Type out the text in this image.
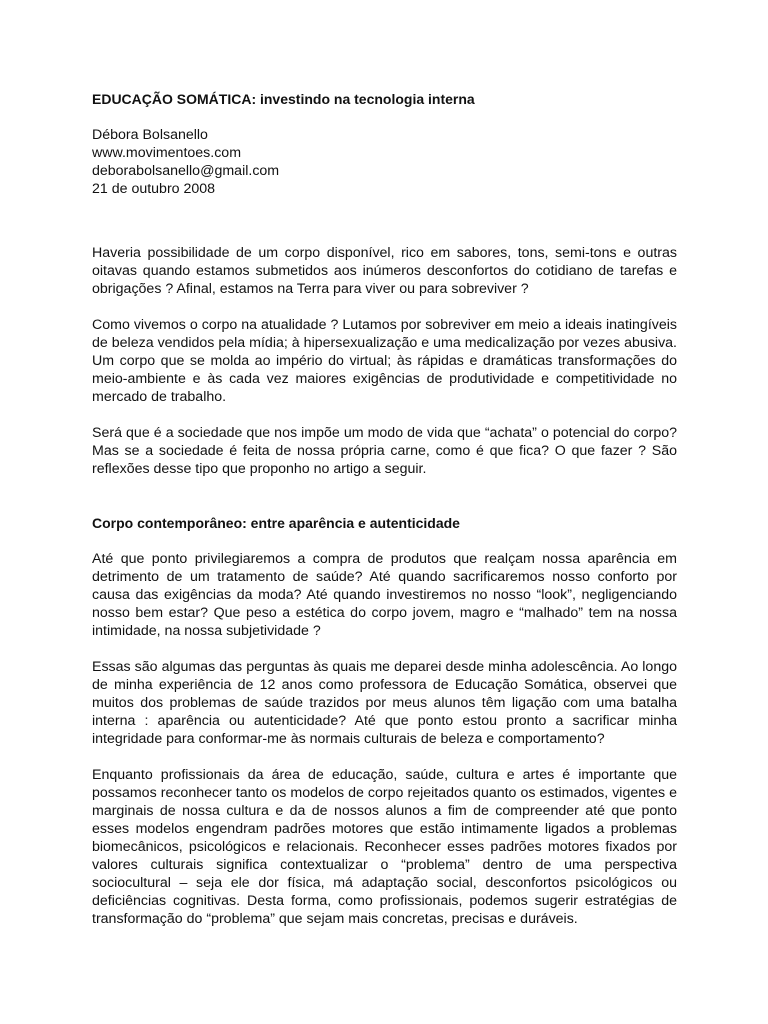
EDUCAÇÃO SOMÁTICA: investindo na tecnologia interna
Débora Bolsanello
www.movimentoes.com
deborabolsanello@gmail.com
21 de outubro 2008

Haveria possibilidade de um corpo disponível, rico em sabores, tons, semi-tons e outras oitavas quando estamos submetidos aos inúmeros desconfortos do cotidiano de tarefas e obrigações ? Afinal, estamos na Terra para viver ou para sobreviver ?

Como vivemos o corpo na atualidade ? Lutamos por sobreviver em meio a ideais inatingíveis de beleza vendidos pela mídia; à hipersexualização e uma medicalização por vezes abusiva. Um corpo que se molda ao império do virtual; às rápidas e dramáticas transformações do meio-ambiente e às cada vez maiores exigências de produtividade e competitividade no mercado de trabalho.

Será que é a sociedade que nos impõe um modo de vida que “achata” o potencial do corpo? Mas se a sociedade é feita de nossa própria carne, como é que fica? O que fazer ? São reflexões desse tipo que proponho no artigo a seguir.

Corpo contemporâneo: entre aparência e autenticidade

Até que ponto privilegiaremos a compra de produtos que realçam nossa aparência em detrimento de um tratamento de saúde? Até quando sacrificaremos nosso conforto por causa das exigências da moda? Até quando investiremos no nosso “look”, negligenciando nosso bem estar? Que peso a estética do corpo jovem, magro e “malhado” tem na nossa intimidade, na nossa subjetividade ?

Essas são algumas das perguntas às quais me deparei desde minha adolescência. Ao longo de minha experiência de 12 anos como professora de Educação Somática, observei que muitos dos problemas de saúde trazidos por meus alunos têm ligação com uma batalha interna : aparência ou autenticidade? Até que ponto estou pronto a sacrificar minha integridade para conformar-me às normais culturais de beleza e comportamento?

Enquanto profissionais da área de educação, saúde, cultura e artes é importante que possamos reconhecer tanto os modelos de corpo rejeitados quanto os estimados, vigentes e marginais de nossa cultura e da de nossos alunos a fim de compreender até que ponto esses modelos engendram padrões motores que estão intimamente ligados a problemas biomecânicos, psicológicos e relacionais. Reconhecer esses padrões motores fixados por valores culturais significa contextualizar o “problema” dentro de uma perspectiva sociocultural – seja ele dor física, má adaptação social, desconfortos psicológicos ou deficiências cognitivas. Desta forma, como profissionais, podemos sugerir estratégias de transformação do “problema” que sejam mais concretas, precisas e duráveis.
